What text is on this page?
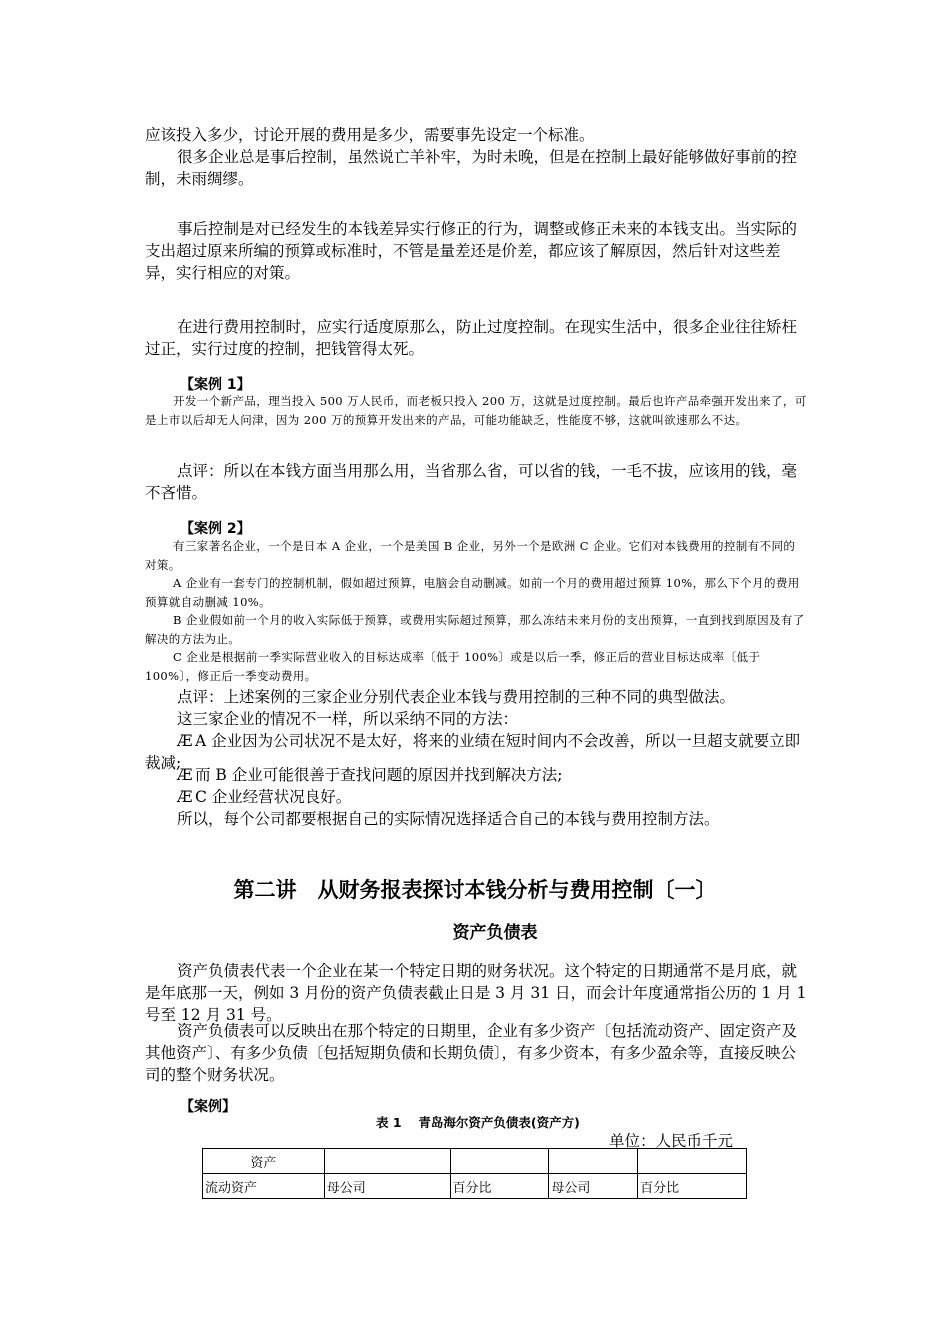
应该投入多少，讨论开展的费用是多少，需要事先设定一个标准。

很多企业总是事后控制，虽然说亡羊补牢，为时未晚，但是在控制上最好能够做好事前的控制，未雨绸缪。

事后控制是对已经发生的本钱差异实行修正的行为，调整或修正未来的本钱支出。当实际的支出超过原来所编的预算或标准时，不管是量差还是价差，都应该了解原因，然后针对这些差异，实行相应的对策。

在进行费用控制时，应实行适度原那么，防止过度控制。在现实生活中，很多企业往往矫枉过正，实行过度的控制，把钱管得太死。

【案例 1】

开发一个新产品，理当投入 500 万人民币，而老板只投入 200 万，这就是过度控制。最后也许产品牵强开发出来了，可是上市以后却无人问津，因为 200 万的预算开发出来的产品，可能功能缺乏，性能度不够，这就叫欲速那么不达。

点评：所以在本钱方面当用那么用，当省那么省，可以省的钱，一毛不拔，应该用的钱，毫不吝惜。

【案例 2】

有三家著名企业，一个是日本 A 企业，一个是美国 B 企业，另外一个是欧洲 C 企业。它们对本钱费用的控制有不同的对策。
A 企业有一套专门的控制机制，假如超过预算，电脑会自动删减。如前一个月的费用超过预算 10%，那么下个月的费用预算就自动删减 10%。
B 企业假如前一个月的收入实际低于预算，或费用实际超过预算，那么冻结未来月份的支出预算，一直到找到原因及有了解决的方法为止。
C 企业是根据前一季实际营业收入的目标达成率〔低于 100%〕或是以后一季，修正后的营业目标达成率〔低于 100%〕，修正后一季变动费用。

点评：上述案例的三家企业分别代表企业本钱与费用控制的三种不同的典型做法。

这三家企业的情况不一样，所以采纳不同的方法：

Æ A 企业因为公司状况不是太好，将来的业绩在短时间内不会改善，所以一旦超支就要立即裁减;

Æ 而 B 企业可能很善于查找问题的原因并找到解决方法;

Æ C 企业经营状况良好。

所以，每个公司都要根据自己的实际情况选择适合自己的本钱与费用控制方法。

第二讲　从财务报表探讨本钱分析与费用控制〔一〕
资产负债表

资产负债表代表一个企业在某一个特定日期的财务状况。这个特定的日期通常不是月底，就是年底那一天，例如 3 月份的资产负债表截止日是 3 月 31 日，而会计年度通常指公历的 1 月 1 号至 12 月 31 号。

资产负债表可以反映出在那个特定的日期里，企业有多少资产〔包括流动资产、固定资产及其他资产〕、有多少负债〔包括短期负债和长期负债〕，有多少资本，有多少盈余等，直接反映公司的整个财务状况。

【案例】

表 1　 青岛海尔资产负债表(资产方)

单位：人民币千元

资产				
流动资产	母公司	百分比	母公司	百分比
